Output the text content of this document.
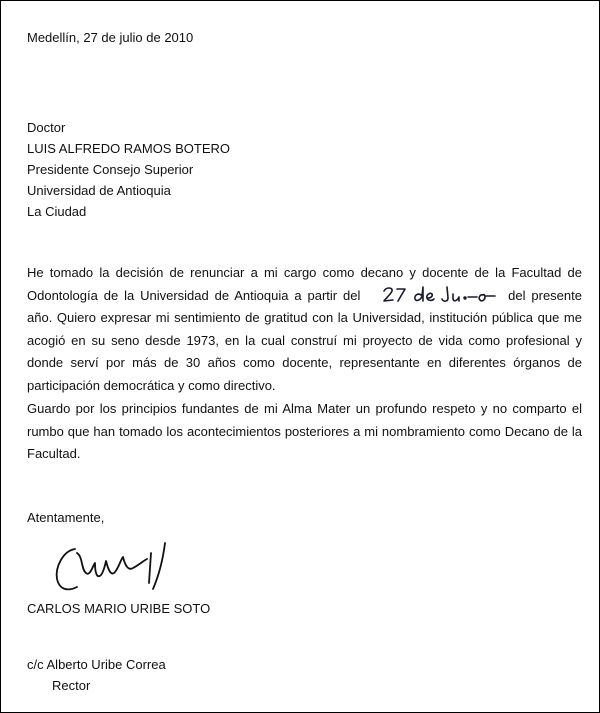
Medellín, 27 de julio de 2010
Doctor
LUIS ALFREDO RAMOS BOTERO
Presidente Consejo Superior
Universidad de Antioquia
La Ciudad
He tomado la decisión de renunciar a mi cargo como decano y docente de la Facultad de Odontología de la Universidad de Antioquia a partir del	del presente año. Quiero expresar mi sentimiento de gratitud con la Universidad, institución pública que me acogió en su seno desde 1973, en la cual construí mi proyecto de vida como profesional y donde serví por más de 30 años como docente, representante en diferentes órganos de participación democrática y como directivo.
Guardo por los principios fundantes de mi Alma Mater un profundo respeto y no comparto el rumbo que han tomado los acontecimientos posteriores a mi nombramiento como Decano de la Facultad.
Atentamente,
CARLOS MARIO URIBE SOTO
c/c Alberto Uribe Correa
Rector
